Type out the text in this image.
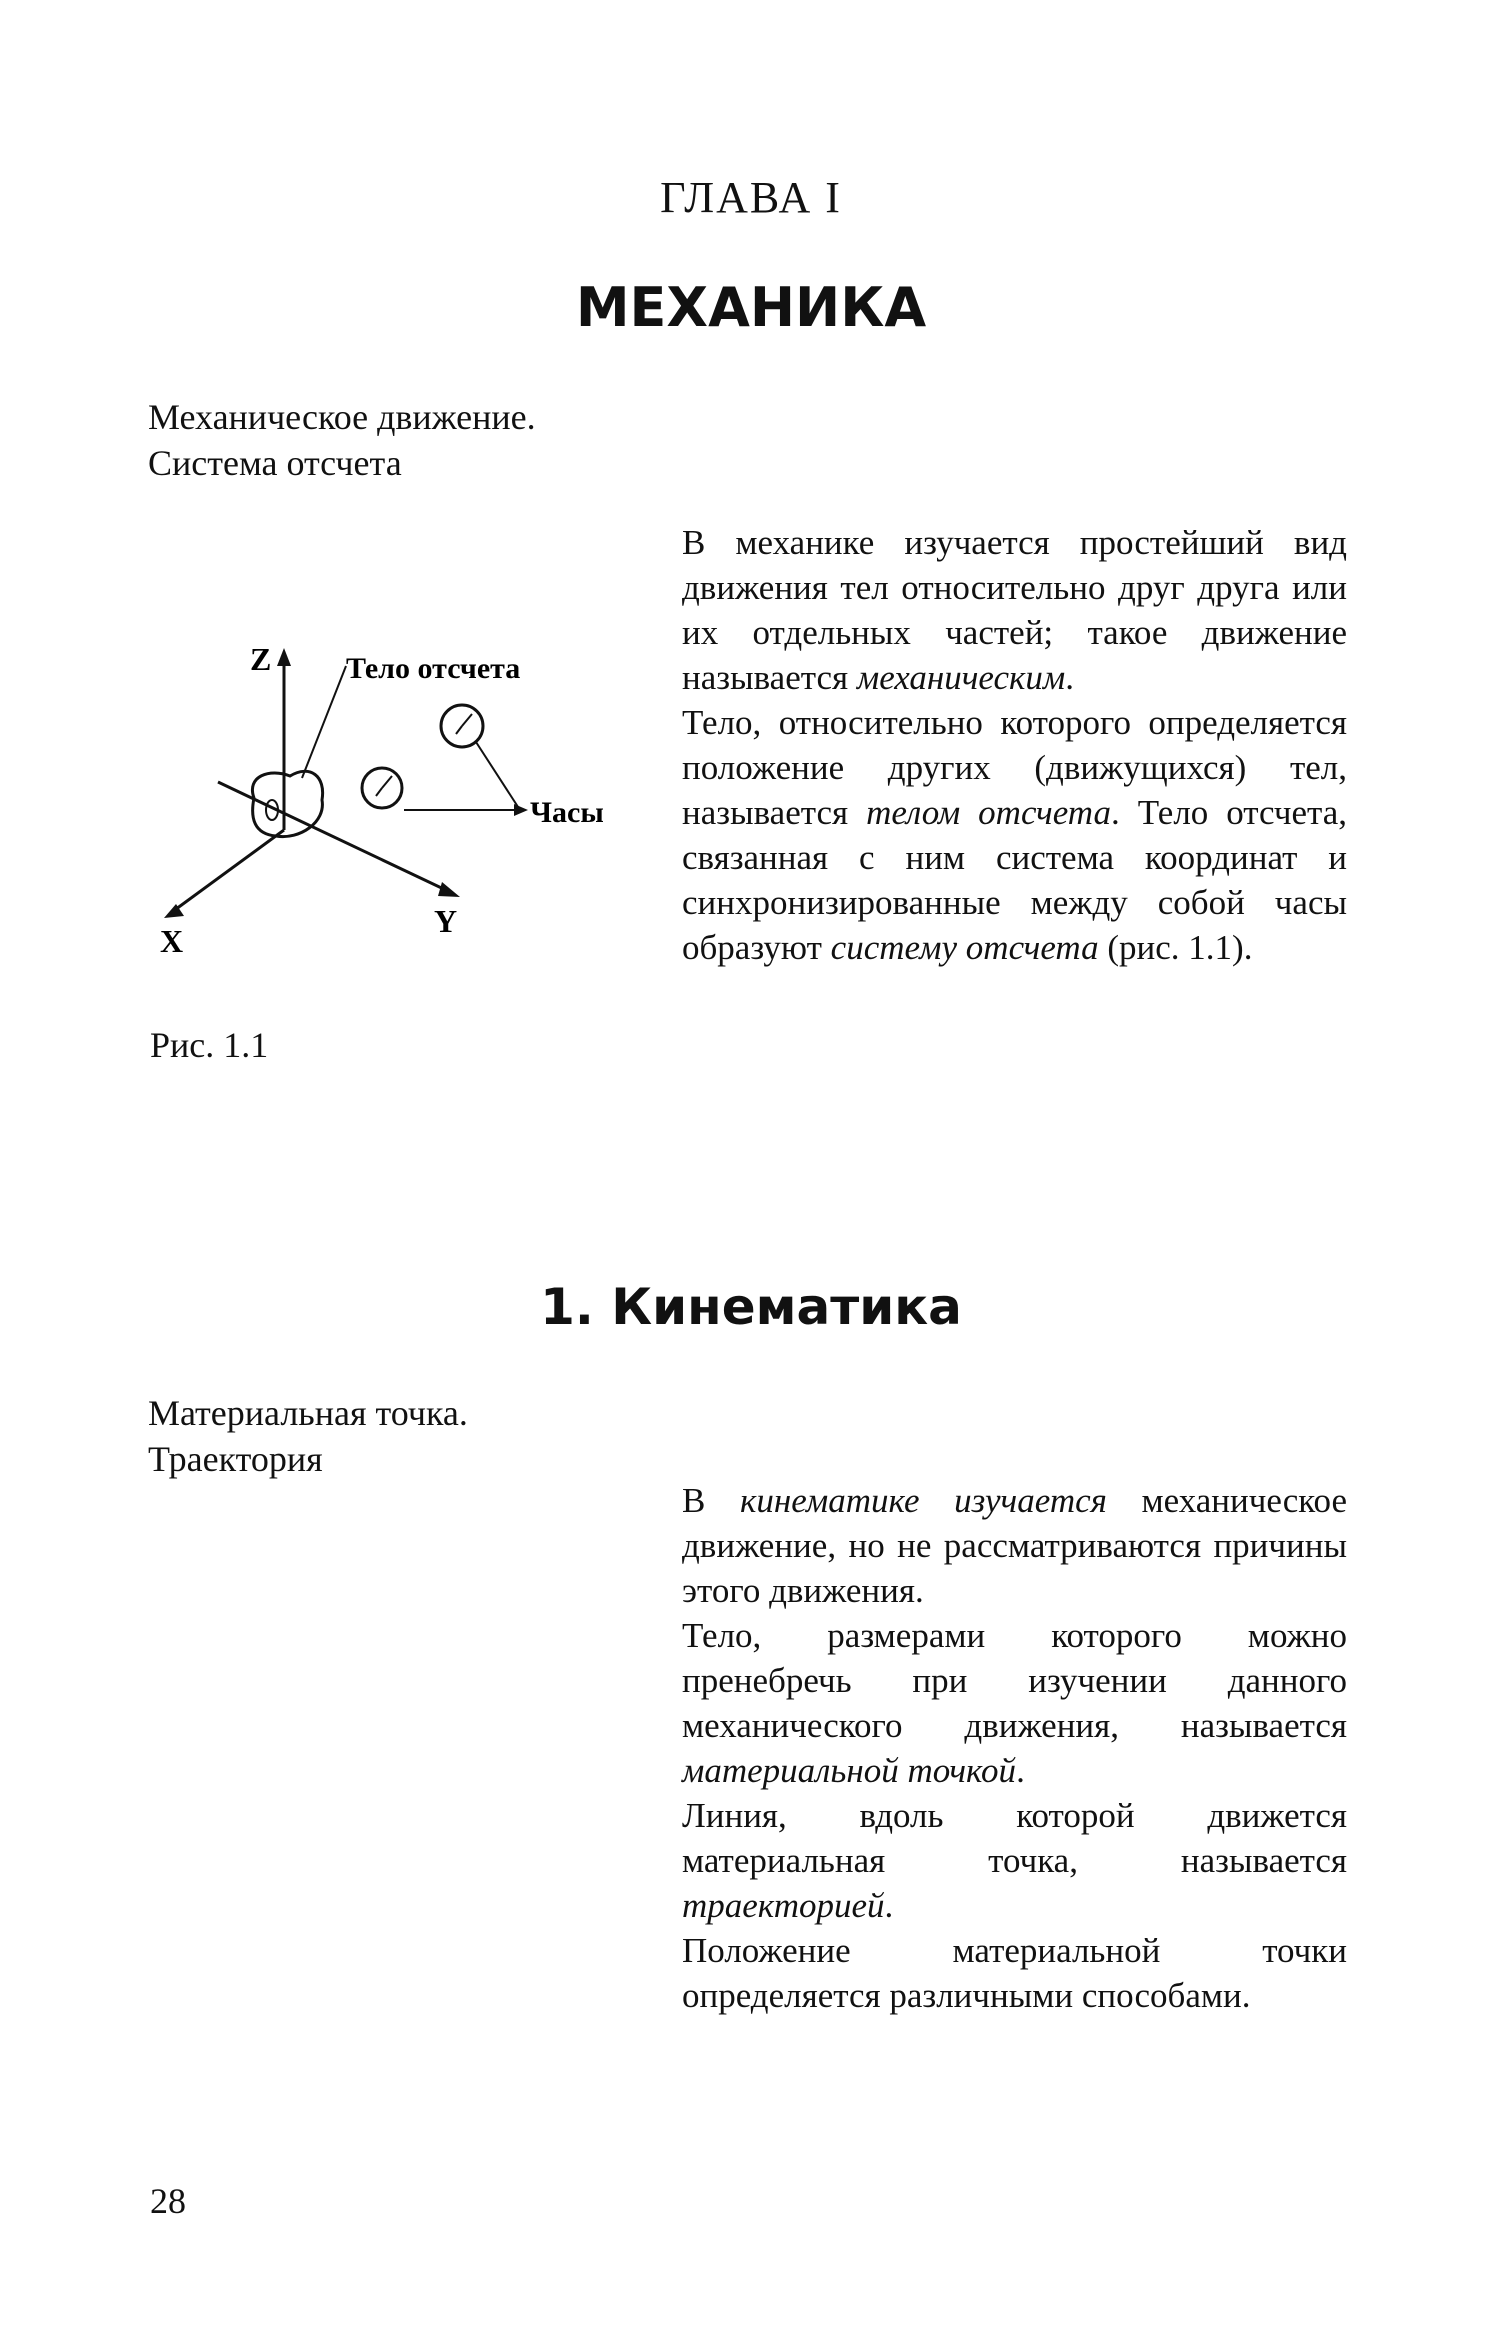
ГЛАВА I
МЕХАНИКА
Механическое движение. Система отсчета
Z
X
Y
Тело отсчета
Часы
Рис. 1.1

В механике изучается простейший вид движения тел относительно друг друга или их отдельных частей; такое движение называется механическим.

Тело, относительно которого определяется положение других (движущихся) тел, называется телом отсчета. Тело отсчета, связанная с ним система координат и синхронизированные между собой часы образуют систему отсчета (рис. 1.1).

1. Кинематика
Материальная точка. Траектория

В кинематике изучается механическое движение, но не рассматриваются причины этого движения.

Тело, размерами которого можно пренебречь при изучении данного механического движения, называется материальной точкой.

Линия, вдоль которой движется материальная точка, называется траекторией.

Положение материальной точки определяется различными способами.

28
